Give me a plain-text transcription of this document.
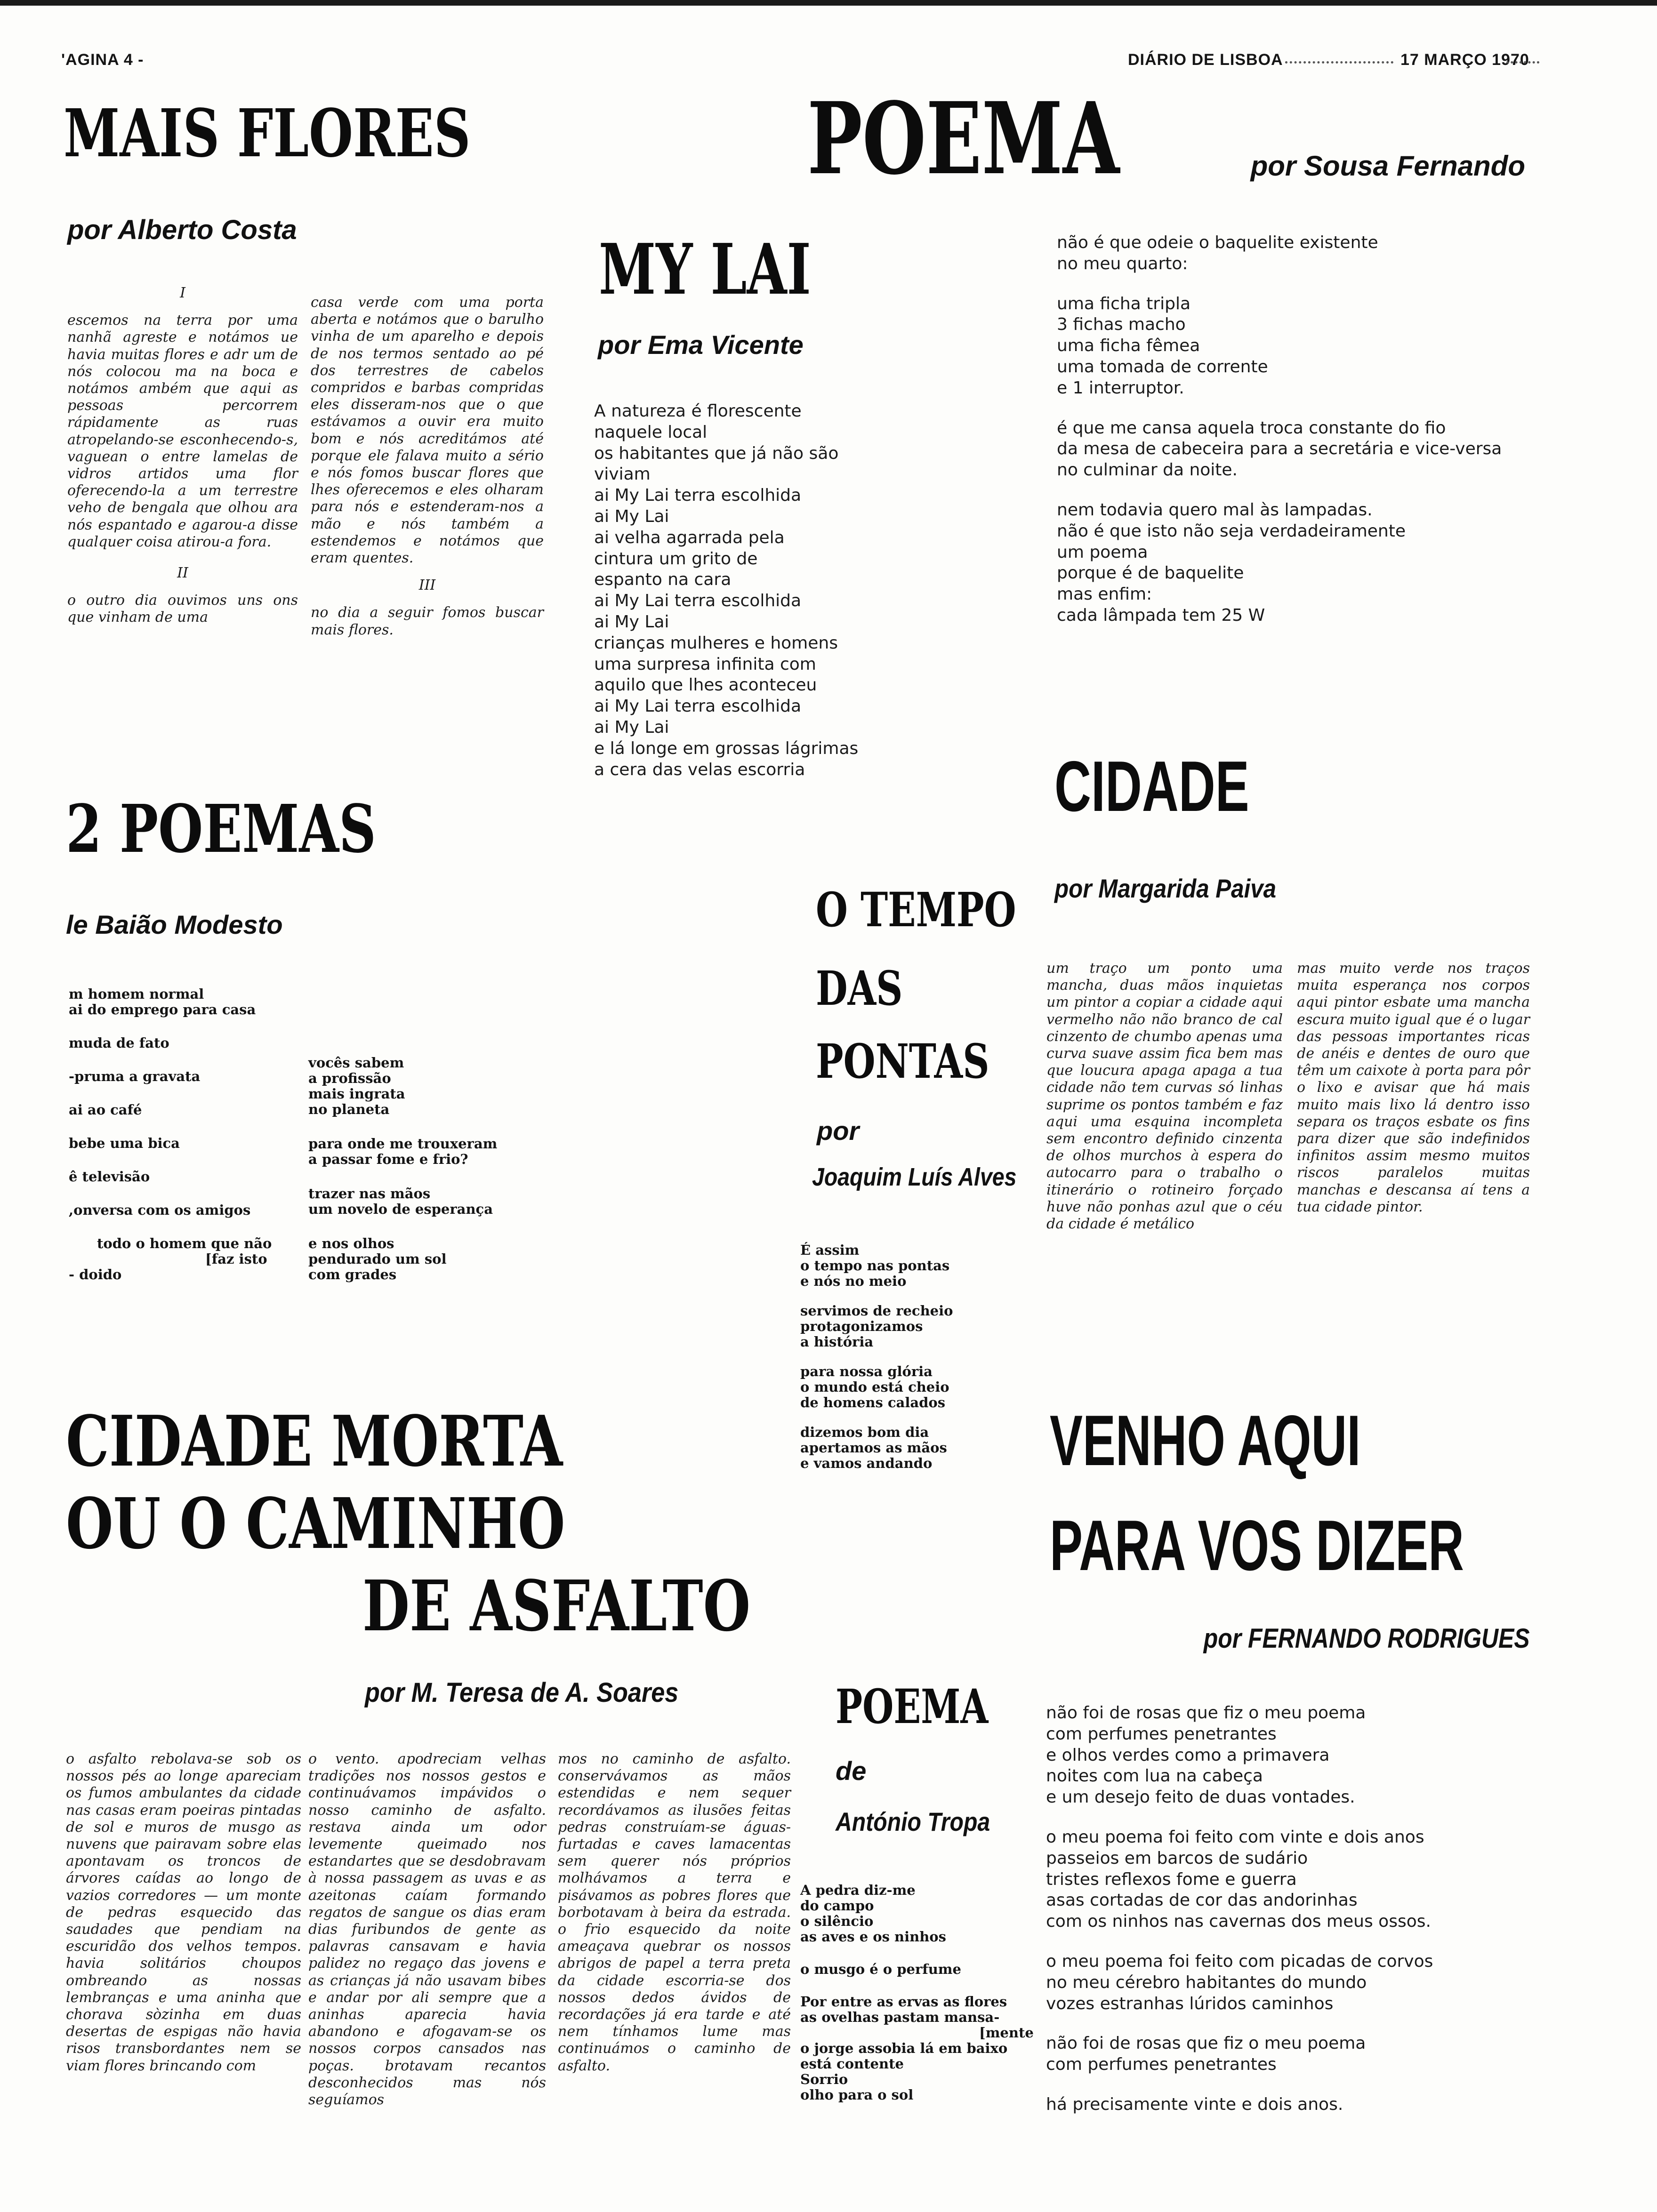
'AGINA 4 -	DIÁRIO DE LISBOA	17 MARÇO 1970
MAIS FLORES
por Alberto Costa

I

escemos na terra por uma nanhã agreste e notámos ue havia muitas flores e adr um de nós colocou ma na boca e notámos ambém que aqui as pessoas percorrem rápidamente as ruas atropelando-se esconhecendo-s, vaguean o entre lamelas de vidros artidos uma flor oferecendo-la a um terrestre veho de bengala que olhou ara nós espantado e agarou-a disse qualquer coisa atirou-a fora.

II

o outro dia ouvimos uns ons que vinham de uma

casa verde com uma porta aberta e notámos que o barulho vinha de um aparelho e depois de nos termos sentado ao pé dos terrestres de cabelos compridos e barbas compridas eles disseram-nos que o que estávamos a ouvir era muito bom e nós acreditámos até porque ele falava muito a sério e nós fomos buscar flores que lhes oferecemos e eles olharam para nós e estenderam-nos a mão e nós também a estendemos e notámos que eram quentes.

III

no dia a seguir fomos buscar mais flores.

POEMA	por Sousa Fernando
não é que odeie o baquelite existente
no meu quarto:
uma ficha tripla
3 fichas macho
uma ficha fêmea
uma tomada de corrente
e 1 interruptor.
é que me cansa aquela troca constante do fio
da mesa de cabeceira para a secretária e vice-versa
no culminar da noite.
nem todavia quero mal às lampadas.
não é que isto não seja verdadeiramente
um poema
porque é de baquelite
mas enfim:
cada lâmpada tem 25 W
MY LAI
por Ema Vicente
A natureza é florescente
naquele local
os habitantes que já não são
viviam
ai My Lai terra escolhida
ai My Lai
ai velha agarrada pela
cintura um grito de
espanto na cara
ai My Lai terra escolhida
ai My Lai
crianças mulheres e homens
uma surpresa infinita com
aquilo que lhes aconteceu
ai My Lai terra escolhida
ai My Lai
e lá longe em grossas lágrimas
a cera das velas escorria
2 POEMAS
le Baião Modesto
m homem normal
ai do emprego para casa
muda de fato
-pruma a gravata
ai ao café
bebe uma bica
ê televisão
,onversa com os amigos
todo o homem que não
[faz isto
- doido
vocês sabem
a profissão
mais ingrata
no planeta
para onde me trouxeram
a passar fome e frio?
trazer nas mãos
um novelo de esperança
e nos olhos
pendurado um sol
com grades
O TEMPO
DAS
PONTAS
por
Joaquim Luís Alves
É assim
o tempo nas pontas
e nós no meio
servimos de recheio
protagonizamos
a história
para nossa glória
o mundo está cheio
de homens calados
dizemos bom dia
apertamos as mãos
e vamos andando
CIDADE
por Margarida Paiva

um traço um ponto uma mancha, duas mãos inquietas um pintor a copiar a cidade aqui vermelho não não branco de cal cinzento de chumbo apenas uma curva suave assim fica bem mas que loucura apaga apaga a tua cidade não tem curvas só linhas suprime os pontos também e faz aqui uma esquina incompleta sem encontro definido cinzenta de olhos murchos à espera do autocarro para o trabalho o itinerário o rotineiro forçado huve não ponhas azul que o céu da cidade é metálico

mas muito verde nos traços muita esperança nos corpos aqui pintor esbate uma mancha escura muito igual que é o lugar das pessoas importantes ricas de anéis e dentes de ouro que têm um caixote à porta para pôr o lixo e avisar que há mais muito mais lixo lá dentro isso separa os traços esbate os fins para dizer que são indefinidos infinitos assim mesmo muitos riscos paralelos muitas manchas e descansa aí tens a tua cidade pintor.

CIDADE MORTA
OU O CAMINHO
DE ASFALTO
por M. Teresa de A. Soares

o asfalto rebolava-se sob os nossos pés ao longe apareciam os fumos ambulantes da cidade nas casas eram poeiras pintadas de sol e muros de musgo as nuvens que pairavam sobre elas apontavam os troncos de árvores caídas ao longo de vazios corredores — um monte de pedras esquecido das saudades que pendiam na escuridão dos velhos tempos. havia solitários choupos ombreando as nossas lembranças e uma aninha que chorava sòzinha em duas desertas de espigas não havia risos transbordantes nem se viam flores brincando com

o vento. apodreciam velhas tradições nos nossos gestos e continuávamos impávidos o nosso caminho de asfalto. restava ainda um odor levemente queimado nos estandartes que se desdobravam à nossa passagem as uvas e as azeitonas caíam formando regatos de sangue os dias eram dias furibundos de gente as palavras cansavam e havia palidez no regaço das jovens e as crianças já não usavam bibes e andar por ali sempre que a aninhas aparecia havia abandono e afogavam-se os nossos corpos cansados nas poças. brotavam recantos desconhecidos mas nós seguíamos

mos no caminho de asfalto. conservávamos as mãos estendidas e nem sequer recordávamos as ilusões feitas pedras construíam-se águas-furtadas e caves lamacentas sem querer nós próprios molhávamos a terra e pisávamos as pobres flores que borbotavam à beira da estrada. o frio esquecido da noite ameaçava quebrar os nossos abrigos de papel a terra preta da cidade escorria-se dos nossos dedos ávidos de recordações já era tarde e até nem tínhamos lume mas continuámos o caminho de asfalto.

POEMA
de
António Tropa
A pedra diz-me
do campo
o silêncio
as aves e os ninhos
o musgo é o perfume
Por entre as ervas as flores
as ovelhas pastam mansa-
[mente
o jorge assobia lá em baixo
está contente
Sorrio
olho para o sol
VENHO AQUI
PARA VOS DIZER
por FERNANDO RODRIGUES
não foi de rosas que fiz o meu poema
com perfumes penetrantes
e olhos verdes como a primavera
noites com lua na cabeça
e um desejo feito de duas vontades.
o meu poema foi feito com vinte e dois anos
passeios em barcos de sudário
tristes reflexos fome e guerra
asas cortadas de cor das andorinhas
com os ninhos nas cavernas dos meus ossos.
o meu poema foi feito com picadas de corvos
no meu cérebro habitantes do mundo
vozes estranhas lúridos caminhos
não foi de rosas que fiz o meu poema
com perfumes penetrantes
há precisamente vinte e dois anos.
